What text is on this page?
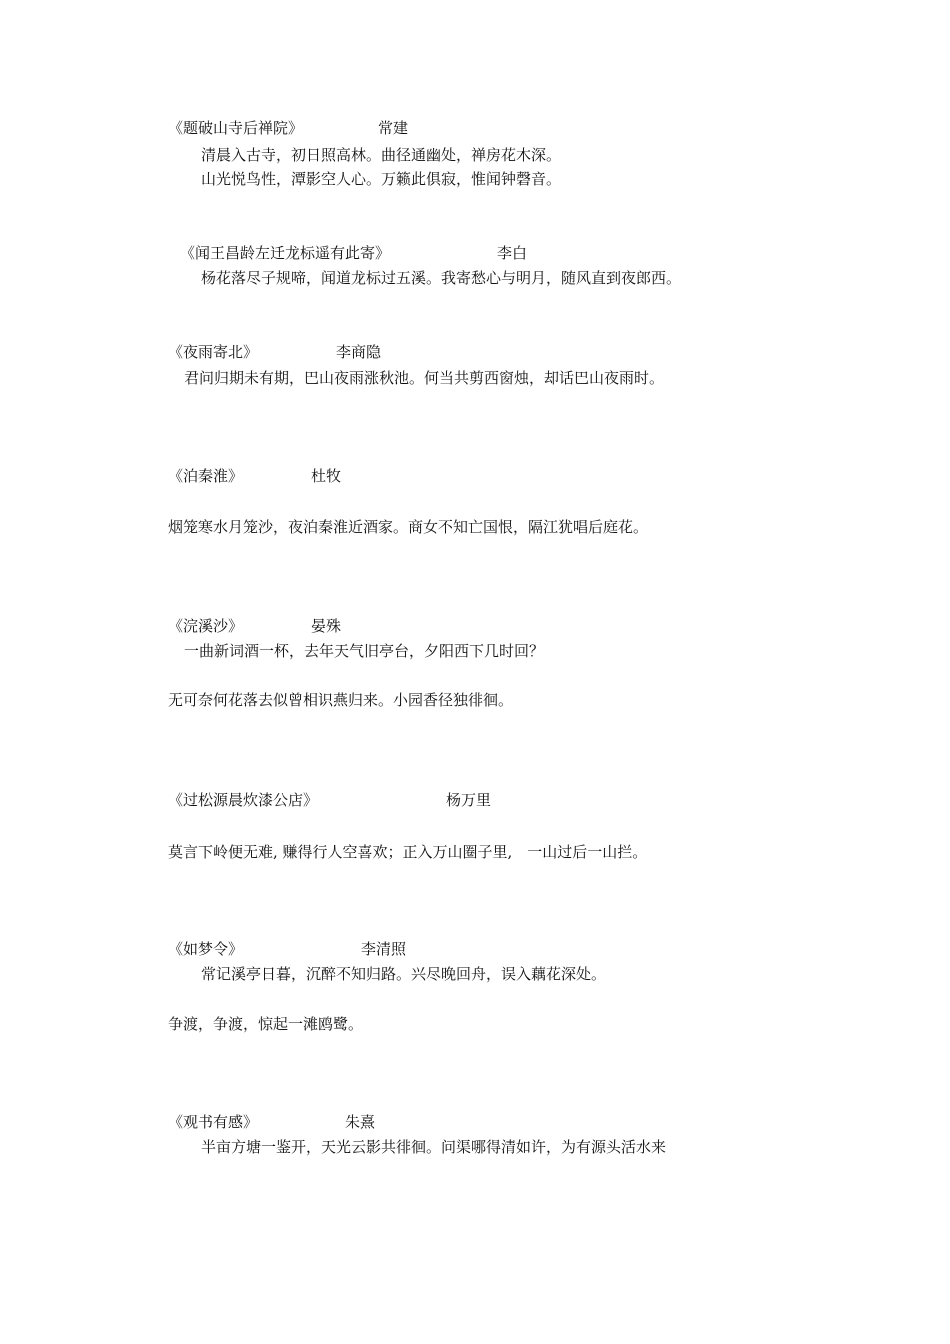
《题破山寺后禅院》	常建
清晨入古寺，初日照高林。曲径通幽处，禅房花木深。
山光悦鸟性，潭影空人心。万籁此俱寂，惟闻钟磬音。
《闻王昌龄左迁龙标遥有此寄》	李白
杨花落尽子规啼，闻道龙标过五溪。我寄愁心与明月，随风直到夜郎西。
《夜雨寄北》	李商隐
君问归期未有期，巴山夜雨涨秋池。何当共剪西窗烛，却话巴山夜雨时。
《泊秦淮》	杜牧
烟笼寒水月笼沙，夜泊秦淮近酒家。商女不知亡国恨，隔江犹唱后庭花。
《浣溪沙》	晏殊
一曲新词酒一杯，去年天气旧亭台，夕阳西下几时回？
无可奈何花落去似曾相识燕归来。小园香径独徘徊。
《过松源晨炊漆公店》	杨万里
莫言下岭便无难, 赚得行人空喜欢；正入万山圈子里,　一山过后一山拦。
《如梦令》	李清照
常记溪亭日暮，沉醉不知归路。兴尽晚回舟，误入藕花深处。
争渡，争渡，惊起一滩鸥鹭。
《观书有感》	朱熹
半亩方塘一鉴开，天光云影共徘徊。问渠哪得清如许，为有源头活水来
